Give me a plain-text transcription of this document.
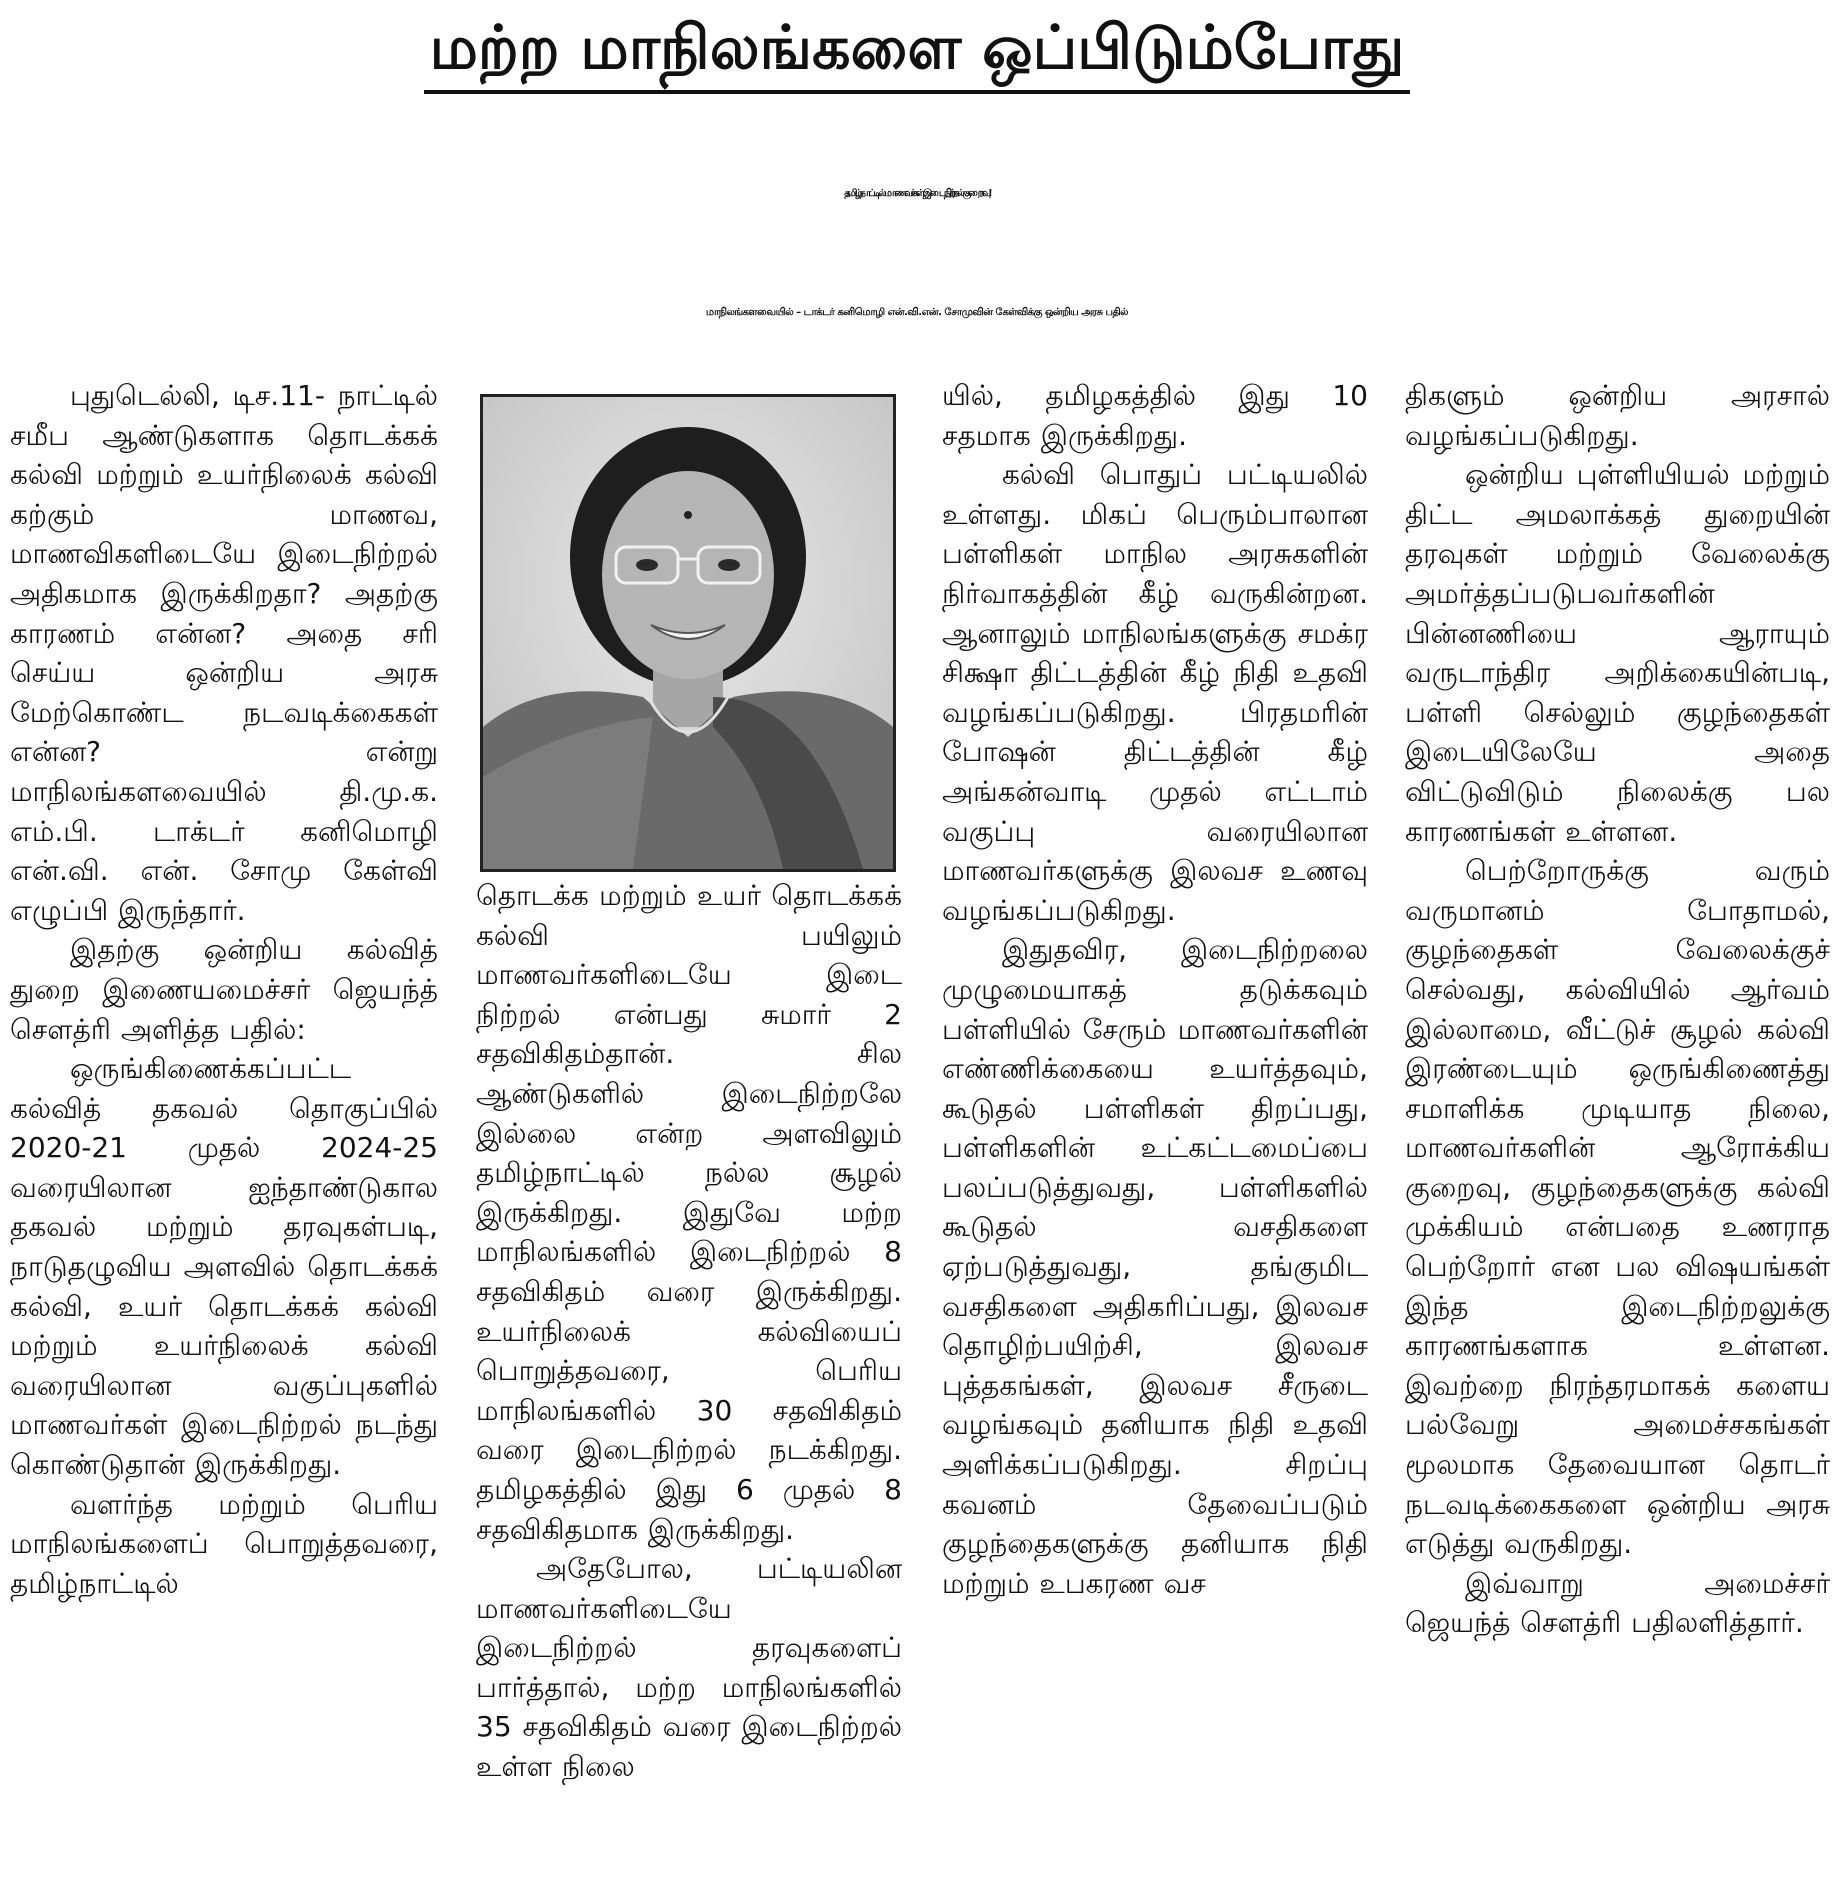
மற்ற மாநிலங்களை ஒப்பிடும்போது
தமிழ்நாட்டில் மாணவர்கள் இடைநிற்றல் குறைவு!
மாநிலங்களவையில் – டாக்டர் கனிமொழி என்.வி.என். சோமுவின் கேள்விக்கு ஒன்றிய அரசு பதில்

புதுடெல்லி, டிச.11- நாட்டில் சமீப ஆண்டுகளாக தொடக்கக் கல்வி மற்றும் உயர்நிலைக் கல்வி கற்கும் மாணவ, மாணவிகளிடையே இடைநிற்றல் அதிகமாக இருக்கிறதா? அதற்கு காரணம் என்ன? அதை சரி செய்ய ஒன்றிய அரசு மேற்கொண்ட நடவடிக்கைகள் என்ன? என்று மாநிலங்களவையில் தி.மு.க. எம்.பி. டாக்டர் கனிமொழி என்.வி. என். சோமு கேள்வி எழுப்பி இருந்தார்.

இதற்கு ஒன்றிய கல்வித் துறை இணையமைச்சர் ஜெயந்த் சௌத்ரி அளித்த பதில்:

ஒருங்கிணைக்கப்பட்ட கல்வித் தகவல் தொகுப்பில் 2020-21 முதல் 2024-25 வரையிலான ஐந்தாண்டுகால தகவல் மற்றும் தரவுகள்படி, நாடுதழுவிய அளவில் தொடக்கக் கல்வி, உயர் தொடக்கக் கல்வி மற்றும் உயர்நிலைக் கல்வி வரையிலான வகுப்புகளில் மாணவர்கள் இடைநிற்றல் நடந்து கொண்டுதான் இருக்கிறது.

வளர்ந்த மற்றும் பெரிய மாநிலங்களைப் பொறுத்தவரை, தமிழ்நாட்டில்

தொடக்க மற்றும் உயர் தொடக்கக் கல்வி பயிலும் மாணவர்களிடையே இடை நிற்றல் என்பது சுமார் 2 சதவிகிதம்தான். சில ஆண்டுகளில் இடைநிற்றலே இல்லை என்ற அளவிலும் தமிழ்நாட்டில் நல்ல சூழல் இருக்கிறது. இதுவே மற்ற மாநிலங்களில் இடைநிற்றல் 8 சதவிகிதம் வரை இருக்கிறது. உயர்நிலைக் கல்வியைப் பொறுத்தவரை, பெரிய மாநிலங்களில் 30 சதவிகிதம் வரை இடைநிற்றல் நடக்கிறது. தமிழகத்தில் இது 6 முதல் 8 சதவிகிதமாக இருக்கிறது.

அதேபோல, பட்டியலின மாணவர்களிடையே இடைநிற்றல் தரவுகளைப் பார்த்தால், மற்ற மாநிலங்களில் 35 சதவிகிதம் வரை இடைநிற்றல் உள்ள நிலை

யில், தமிழகத்தில் இது 10 சதமாக இருக்கிறது.

கல்வி பொதுப் பட்டியலில் உள்ளது. மிகப் பெரும்பாலான பள்ளிகள் மாநில அரசுகளின் நிர்வாகத்தின் கீழ் வருகின்றன. ஆனாலும் மாநிலங்களுக்கு சமக்ர சிக்ஷா திட்டத்தின் கீழ் நிதி உதவி வழங்கப்படுகிறது. பிரதமரின் போஷன் திட்டத்தின் கீழ் அங்கன்வாடி முதல் எட்டாம் வகுப்பு வரையிலான மாணவர்களுக்கு இலவச உணவு வழங்கப்படுகிறது.

இதுதவிர, இடைநிற்றலை முழுமையாகத் தடுக்கவும் பள்ளியில் சேரும் மாணவர்களின் எண்ணிக்கையை உயர்த்தவும், கூடுதல் பள்ளிகள் திறப்பது, பள்ளிகளின் உட்கட்டமைப்பை பலப்படுத்துவது, பள்ளிகளில் கூடுதல் வசதிகளை ஏற்படுத்துவது, தங்குமிட வசதிகளை அதிகரிப்பது, இலவச தொழிற்பயிற்சி, இலவச புத்தகங்கள், இலவச சீருடை வழங்கவும் தனியாக நிதி உதவி அளிக்கப்படுகிறது. சிறப்பு கவனம் தேவைப்படும் குழந்தைகளுக்கு தனியாக நிதி மற்றும் உபகரண வச

திகளும் ஒன்றிய அரசால் வழங்கப்படுகிறது.

ஒன்றிய புள்ளியியல் மற்றும் திட்ட அமலாக்கத் துறையின் தரவுகள் மற்றும் வேலைக்கு அமர்த்தப்படுபவர்களின் பின்னணியை ஆராயும் வருடாந்திர அறிக்கையின்படி, பள்ளி செல்லும் குழந்தைகள் இடையிலேயே அதை விட்டுவிடும் நிலைக்கு பல காரணங்கள் உள்ளன.

பெற்றோருக்கு வரும் வருமானம் போதாமல், குழந்தைகள் வேலைக்குச் செல்வது, கல்வியில் ஆர்வம் இல்லாமை, வீட்டுச் சூழல் கல்வி இரண்டையும் ஒருங்கிணைத்து சமாளிக்க முடியாத நிலை, மாணவர்களின் ஆரோக்கிய குறைவு, குழந்தைகளுக்கு கல்வி முக்கியம் என்பதை உணராத பெற்றோர் என பல விஷயங்கள் இந்த இடைநிற்றலுக்கு காரணங்களாக உள்ளன. இவற்றை நிரந்தரமாகக் களைய பல்வேறு அமைச்சகங்கள் மூலமாக தேவையான தொடர் நடவடிக்கைகளை ஒன்றிய அரசு எடுத்து வருகிறது.

இவ்வாறு அமைச்சர் ஜெயந்த் சௌத்ரி பதிலளித்தார்.
